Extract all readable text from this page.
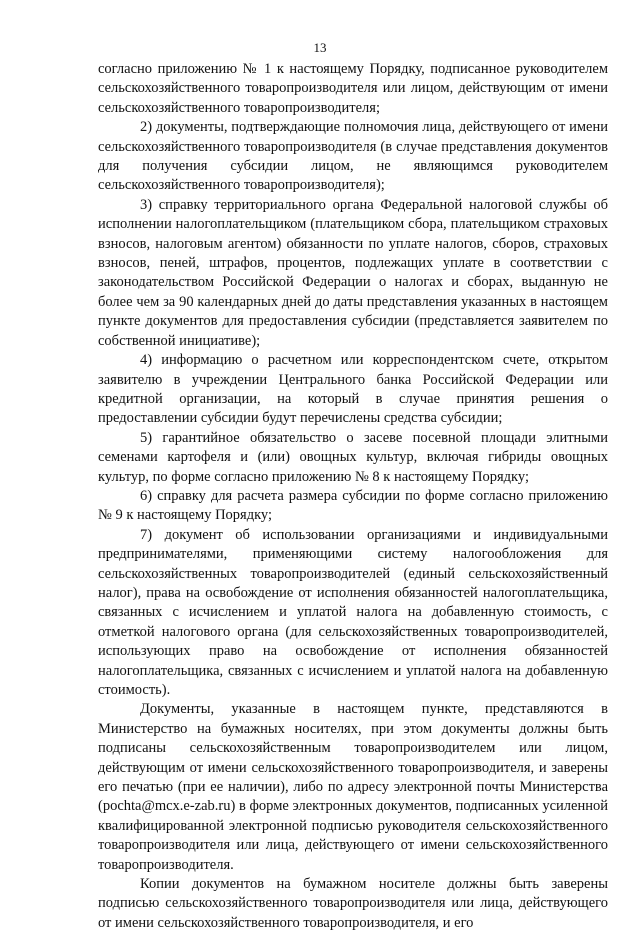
13

согласно приложению № 1 к настоящему Порядку, подписанное руководителем сельскохозяйственного товаропроизводителя или лицом, действующим от имени сельскохозяйственного товаропроизводителя;

2) документы, подтверждающие полномочия лица, действующего от имени сельскохозяйственного товаропроизводителя (в случае представления документов для получения субсидии лицом, не являющимся руководителем сельскохозяйственного товаропроизводителя);

3) справку территориального органа Федеральной налоговой службы об исполнении налогоплательщиком (плательщиком сбора, плательщиком страховых взносов, налоговым агентом) обязанности по уплате налогов, сборов, страховых взносов, пеней, штрафов, процентов, подлежащих уплате в соответствии с законодательством Российской Федерации о налогах и сборах, выданную не более чем за 90 календарных дней до даты представления указанных в настоящем пункте документов для предоставления субсидии (представляется заявителем по собственной инициативе);

4) информацию о расчетном или корреспондентском счете, открытом заявителю в учреждении Центрального банка Российской Федерации или кредитной организации, на который в случае принятия решения о предоставлении субсидии будут перечислены средства субсидии;

5) гарантийное обязательство о засеве посевной площади элитными семенами картофеля и (или) овощных культур, включая гибриды овощных культур, по форме согласно приложению № 8 к настоящему Порядку;

6) справку для расчета размера субсидии по форме согласно приложению № 9 к настоящему Порядку;

7) документ об использовании организациями и индивидуальными предпринимателями, применяющими систему налогообложения для сельскохозяйственных товаропроизводителей (единый сельскохозяйственный налог), права на освобождение от исполнения обязанностей налогоплательщика, связанных с исчислением и уплатой налога на добавленную стоимость, с отметкой налогового органа (для сельскохозяйственных товаропроизводителей, использующих право на освобождение от исполнения обязанностей налогоплательщика, связанных с исчислением и уплатой налога на добавленную стоимость).

Документы, указанные в настоящем пункте, представляются в Министерство на бумажных носителях, при этом документы должны быть подписаны сельскохозяйственным товаропроизводителем или лицом, действующим от имени сельскохозяйственного товаропроизводителя, и заверены его печатью (при ее наличии), либо по адресу электронной почты Министерства (pochta@mcx.e-zab.ru) в форме электронных документов, подписанных усиленной квалифицированной электронной подписью руководителя сельскохозяйственного товаропроизводителя или лица, действующего от имени сельскохозяйственного товаропроизводителя.

Копии документов на бумажном носителе должны быть заверены подписью сельскохозяйственного товаропроизводителя или лица, действующего от имени сельскохозяйственного товаропроизводителя, и его
